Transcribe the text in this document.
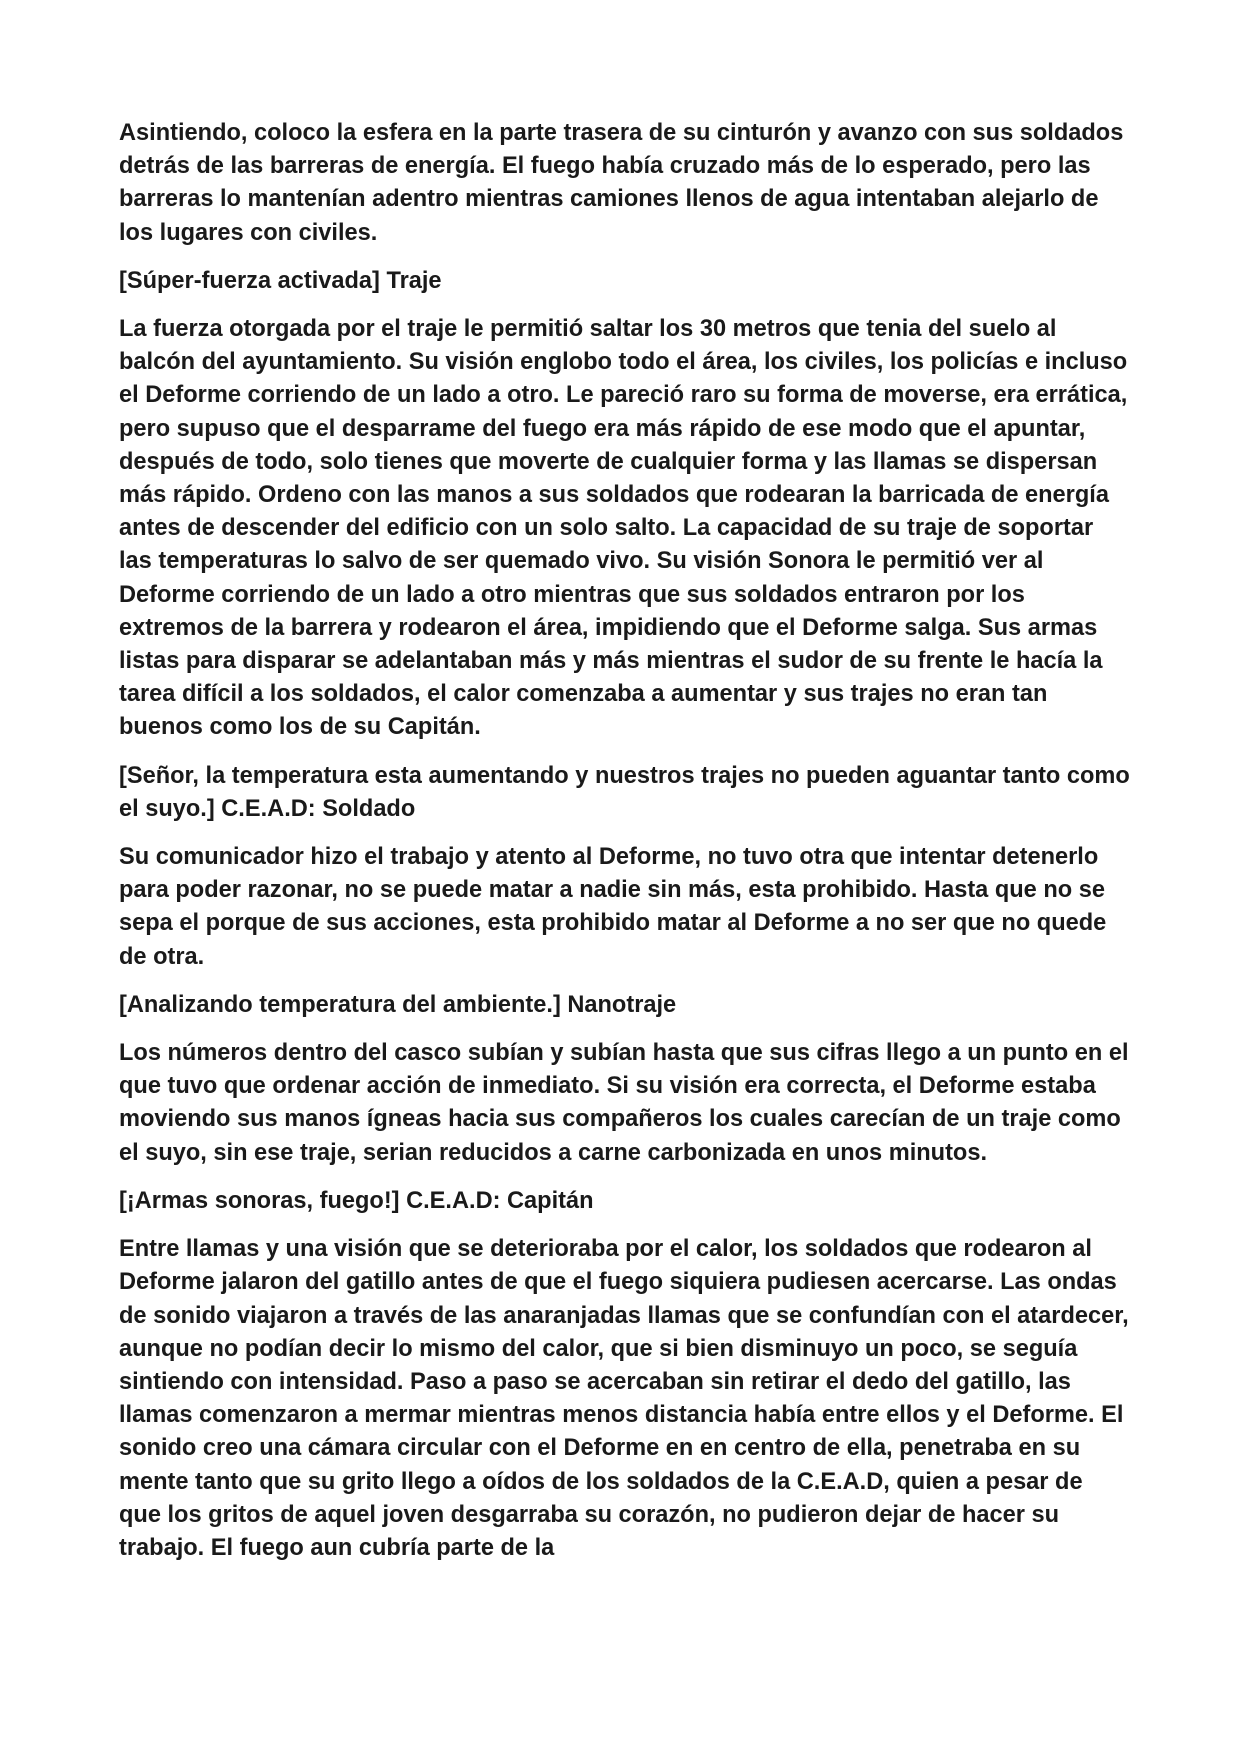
Asintiendo, coloco la esfera en la parte trasera de su cinturón y avanzo con sus soldados detrás de las barreras de energía. El fuego había cruzado más de lo esperado, pero las barreras lo mantenían adentro mientras camiones llenos de agua intentaban alejarlo de los lugares con civiles.

[Súper-fuerza activada] Traje

La fuerza otorgada por el traje le permitió saltar los 30 metros que tenia del suelo al balcón del ayuntamiento. Su visión englobo todo el área, los civiles, los policías e incluso el Deforme corriendo de un lado a otro. Le pareció raro su forma de moverse, era errática, pero supuso que el desparrame del fuego era más rápido de ese modo que el apuntar, después de todo, solo tienes que moverte de cualquier forma y las llamas se dispersan más rápido. Ordeno con las manos a sus soldados que rodearan la barricada de energía antes de descender del edificio con un solo salto. La capacidad de su traje de soportar las temperaturas lo salvo de ser quemado vivo. Su visión Sonora le permitió ver al Deforme corriendo de un lado a otro mientras que sus soldados entraron por los extremos de la barrera y rodearon el área, impidiendo que el Deforme salga. Sus armas listas para disparar se adelantaban más y más mientras el sudor de su frente le hacía la tarea difícil a los soldados, el calor comenzaba a aumentar y sus trajes no eran tan buenos como los de su Capitán.

[Señor, la temperatura esta aumentando y nuestros trajes no pueden aguantar tanto como el suyo.] C.E.A.D: Soldado

Su comunicador hizo el trabajo y atento al Deforme, no tuvo otra que intentar detenerlo para poder razonar, no se puede matar a nadie sin más, esta prohibido. Hasta que no se sepa el porque de sus acciones, esta prohibido matar al Deforme a no ser que no quede de otra.

[Analizando temperatura del ambiente.] Nanotraje

Los números dentro del casco subían y subían hasta que sus cifras llego a un punto en el que tuvo que ordenar acción de inmediato. Si su visión era correcta, el Deforme estaba moviendo sus manos ígneas hacia sus compañeros los cuales carecían de un traje como el suyo, sin ese traje, serian reducidos a carne carbonizada en unos minutos.

[¡Armas sonoras, fuego!] C.E.A.D: Capitán

Entre llamas y una visión que se deterioraba por el calor, los soldados que rodearon al Deforme jalaron del gatillo antes de que el fuego siquiera pudiesen acercarse. Las ondas de sonido viajaron a través de las anaranjadas llamas que se confundían con el atardecer, aunque no podían decir lo mismo del calor, que si bien disminuyo un poco, se seguía sintiendo con intensidad. Paso a paso se acercaban sin retirar el dedo del gatillo, las llamas comenzaron a mermar mientras menos distancia había entre ellos y el Deforme. El sonido creo una cámara circular con el Deforme en en centro de ella, penetraba en su mente tanto que su grito llego a oídos de los soldados de la C.E.A.D, quien a pesar de que los gritos de aquel joven desgarraba su corazón, no pudieron dejar de hacer su trabajo. El fuego aun cubría parte de la
